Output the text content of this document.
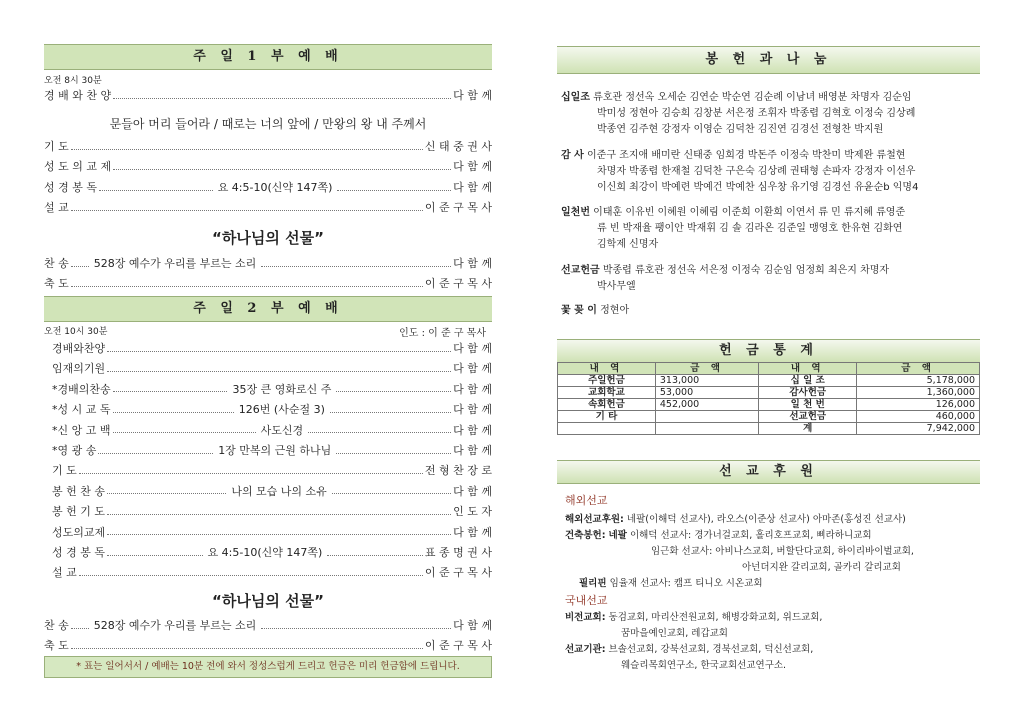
주 일 1 부 예 배
오전 8시 30분
경 배 와 찬 양	다 함 께
문들아 머리 들어라 / 때로는 너의 앞에 / 만왕의 왕 내 주께서
기 도	신 태 중 권 사
성 도 의 교 제	다 함 께
성 경 봉 독	요 4:5-10(신약 147쪽)	다 함 께
설 교	이 준 구 목 사
“하나님의 선물”
찬 송 528장 예수가 우리를 부르는 소리	다 함 께
축 도	이 준 구 목 사
주 일 2 부 예 배
오전 10시 30분	인도 : 이 준 구 목사
경배와찬양	다 함 께
임재의기원	다 함 께
*경배의찬송	35장 큰 영화로신 주	다 함 께
*성 시 교 독	126번 (사순절 3)	다 함 께
*신 앙 고 백	사도신경	다 함 께
*영 광 송	1장 만복의 근원 하나님	다 함 께
기 도	전 형 찬 장 로
봉 헌 찬 송	나의 모습 나의 소유	다 함 께
봉 헌 기 도	인 도 자
성도의교제	다 함 께
성 경 봉 독	요 4:5-10(신약 147쪽)	표 종 명 권 사
설 교	이 준 구 목 사
“하나님의 선물”
찬 송 528장 예수가 우리를 부르는 소리	다 함 께
축 도	이 준 구 목 사
* 표는 일어서서 / 예배는 10분 전에 와서 정성스럽게 드리고 헌금은 미리 헌금함에 드립니다.
봉 헌 과 나 눔
십일조 류호관 정선옥 오세순 김연순 박순연 김순례 이남녀 배영분 차명자 김순임
박미성 정현아 김승희 김창분 서은정 조휘자 박종렵 김혁호 이정숙 김상례
박종연 김주현 강정자 이영순 김덕찬 김진연 김경선 전형찬 박지원
감 사 이준구 조지애 배미란 신태중 임희경 박돈주 이정숙 박찬미 박제완 류철현
차명자 박종렵 한재철 김덕찬 구은숙 김상례 권태형 손파자 강정자 이선우
이신희 최강이 박예련 박예건 박예찬 심우창 유기영 김경선 유윤순b 익명4
일천번 이태훈 이유빈 이혜원 이혜림 이준희 이환희 이연서 류 민 류지혜 류영준
류 빈 박재율 팽이안 박재휘 김 솔 김라온 김준일 맹영호 한유현 김화연
김학제 신명자
선교헌금 박종렵 류호관 정선옥 서은정 이정숙 김순임 엄정희 최은지 차명자
박사무엘
꽃 꽂 이 정현아
헌 금 통 계
내 역	금 액	내 역	금 액
주일헌금	313,000	십 일 조	5,178,000
교회학교	53,000	감사헌금	1,360,000
속회헌금	452,000	일 천 번	126,000
기 타		선교헌금	460,000
		계	7,942,000
선 교 후 원
해외선교
해외선교후원: 네팔(이해덕 선교사), 라오스(이준상 선교사) 아마존(홍성진 선교사)
건축봉헌: 네팔 이해덕 선교사: 경가너걸교회, 홀리호프교회, 삐라하니교회
임근화 선교사: 아비나스교회, 버할단다교회, 하이리바이벌교회,
아넌더지완 갈리교회, 골카리 갈리교회
필리핀 임율재 선교사: 캠프 티니오 시온교회
국내선교
비전교회: 동검교회, 마리산전원교회, 해병강화교회, 위드교회,
꿈마을예인교회, 레갑교회
선교기관: 브솔선교회, 강북선교회, 경북선교회, 덕신선교회,
웨슬리목회연구소, 한국교회선교연구소.
